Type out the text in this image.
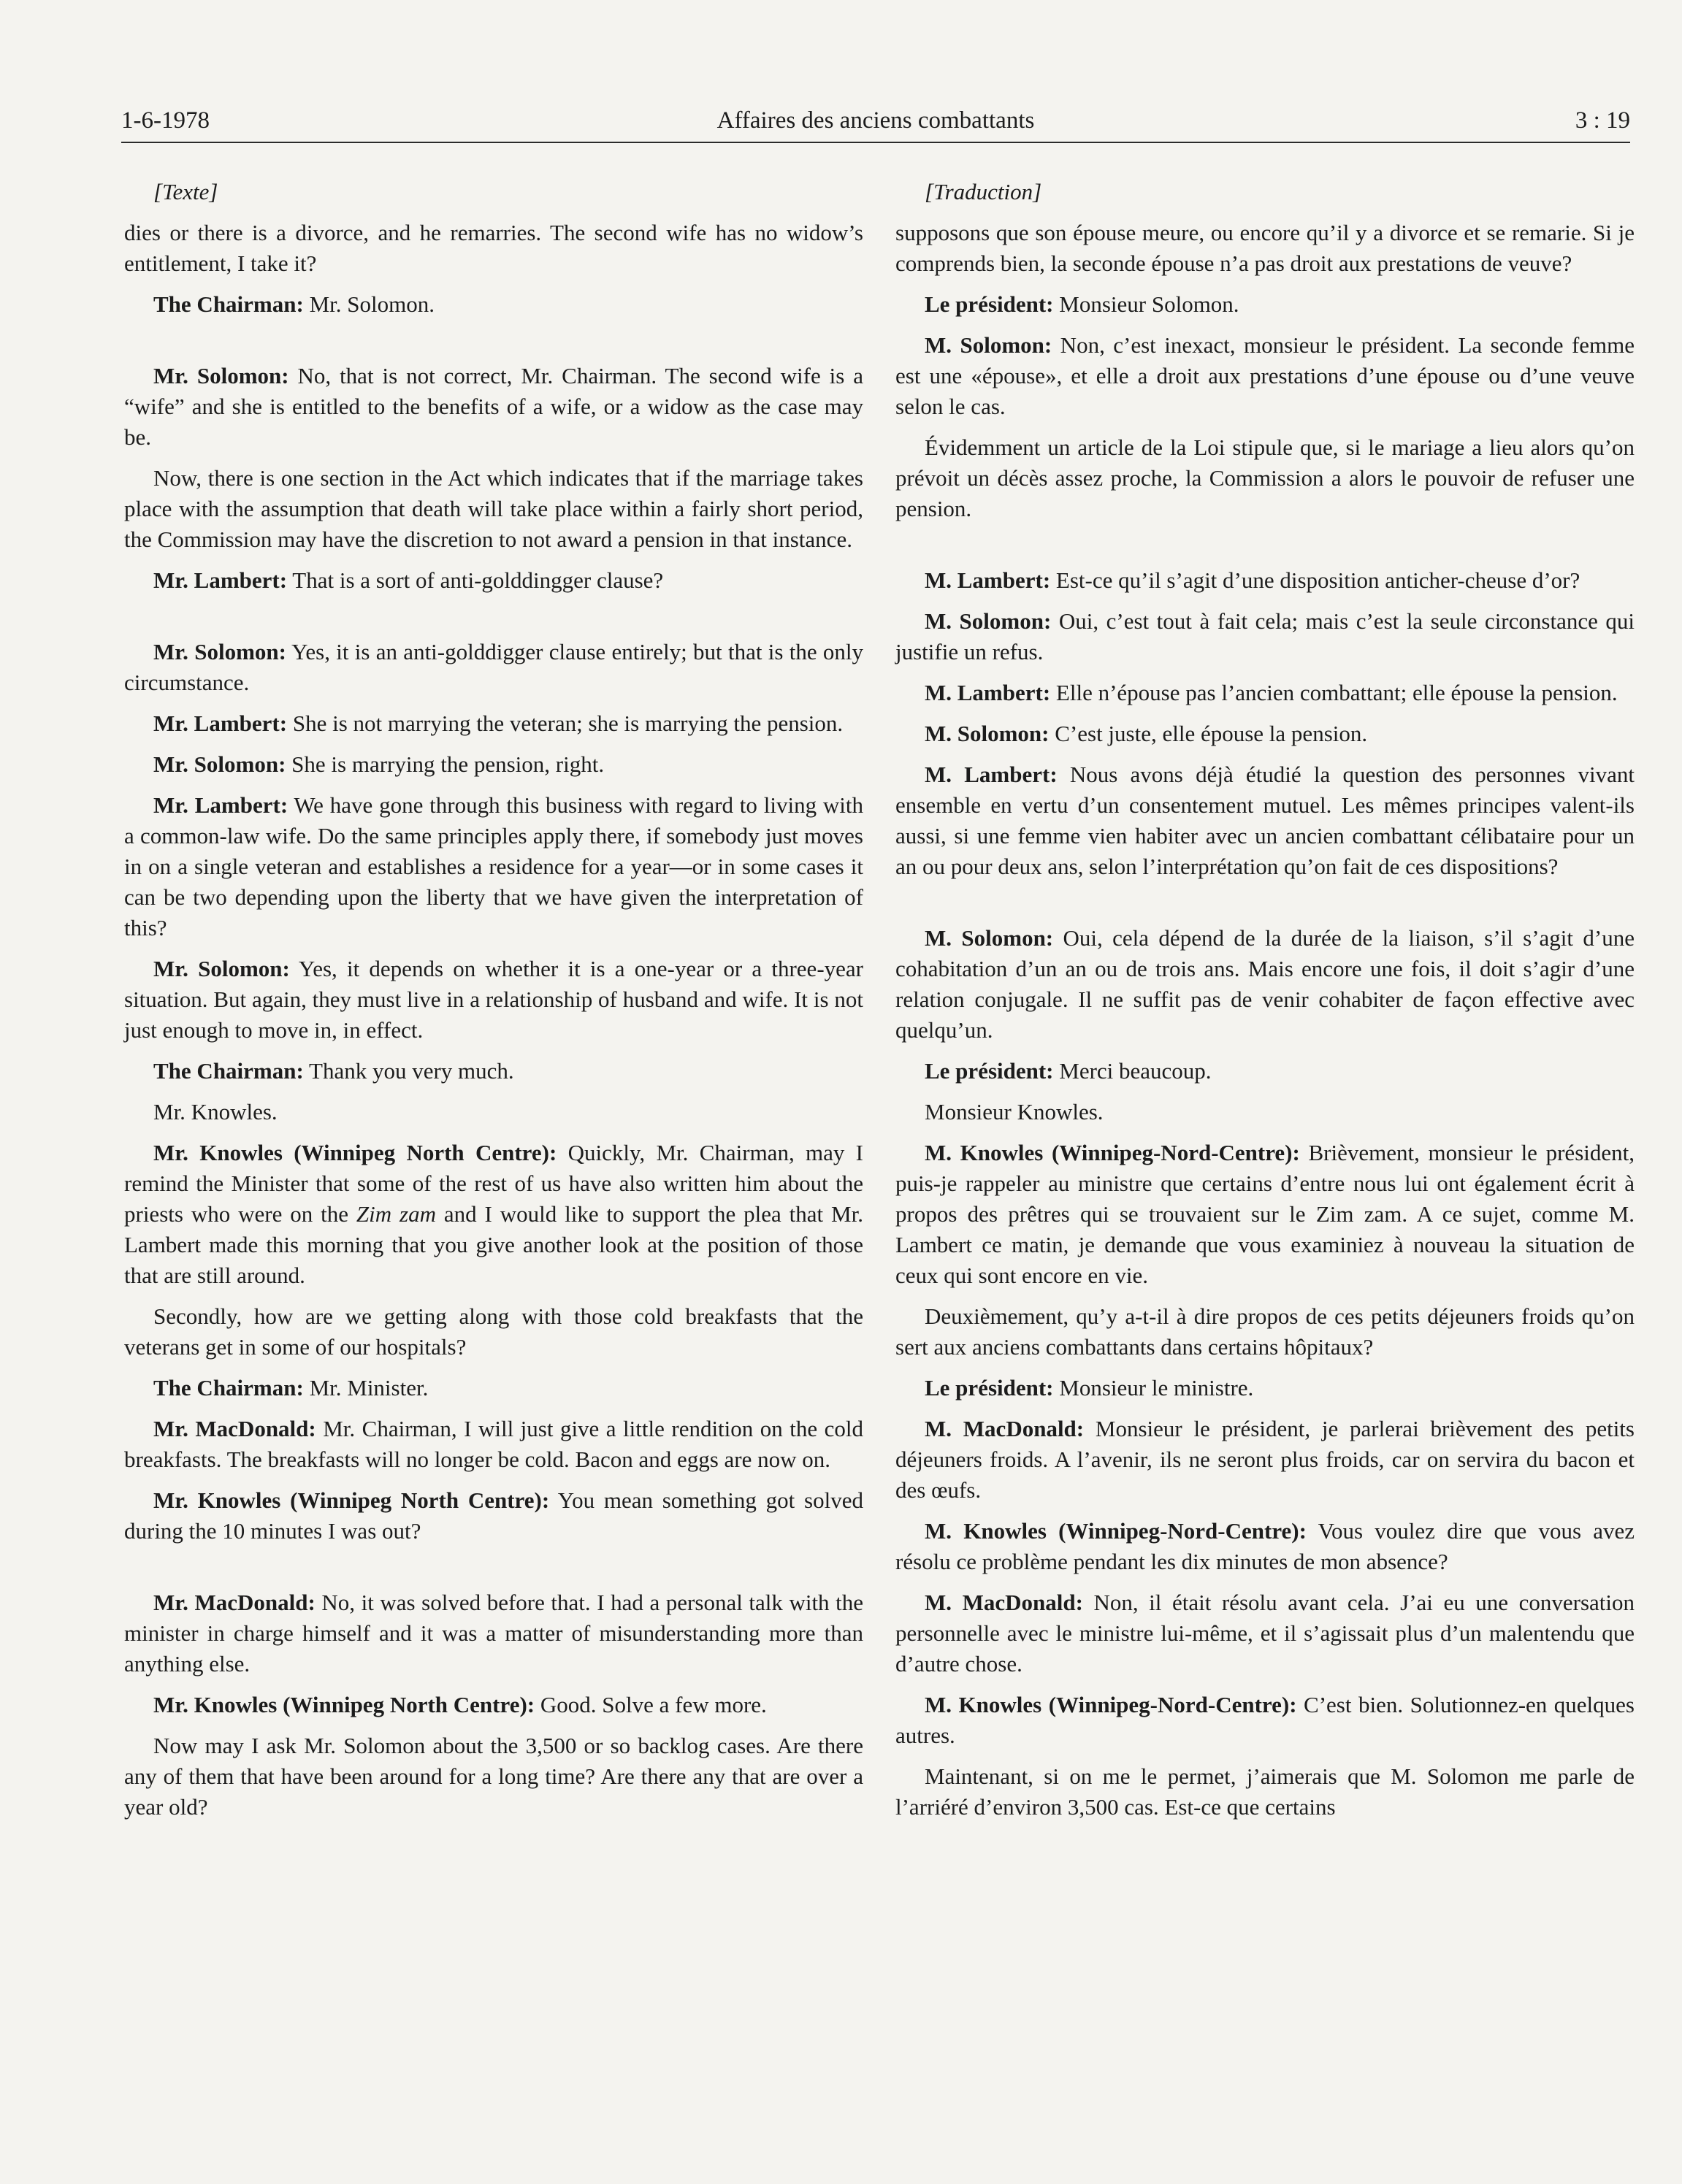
1-6-1978	Affaires des anciens combattants	3 : 19

[Texte]

dies or there is a divorce, and he remarries. The second wife has no widow’s entitlement, I take it?

The Chairman: Mr. Solomon.

Mr. Solomon: No, that is not correct, Mr. Chairman. The second wife is a “wife” and she is entitled to the benefits of a wife, or a widow as the case may be.

Now, there is one section in the Act which indicates that if the marriage takes place with the assumption that death will take place within a fairly short period, the Commission may have the discretion to not award a pension in that instance.

Mr. Lambert: That is a sort of anti-golddingger clause?

Mr. Solomon: Yes, it is an anti-golddigger clause entirely; but that is the only circumstance.

Mr. Lambert: She is not marrying the veteran; she is marrying the pension.

Mr. Solomon: She is marrying the pension, right.

Mr. Lambert: We have gone through this business with regard to living with a common-law wife. Do the same principles apply there, if somebody just moves in on a single veteran and establishes a residence for a year—or in some cases it can be two depending upon the liberty that we have given the interpretation of this?

Mr. Solomon: Yes, it depends on whether it is a one-year or a three-year situation. But again, they must live in a relationship of husband and wife. It is not just enough to move in, in effect.

The Chairman: Thank you very much.

Mr. Knowles.

Mr. Knowles (Winnipeg North Centre): Quickly, Mr. Chairman, may I remind the Minister that some of the rest of us have also written him about the priests who were on the Zim zam and I would like to support the plea that Mr. Lambert made this morning that you give another look at the position of those that are still around.

Secondly, how are we getting along with those cold breakfasts that the veterans get in some of our hospitals?

The Chairman: Mr. Minister.

Mr. MacDonald: Mr. Chairman, I will just give a little rendition on the cold breakfasts. The breakfasts will no longer be cold. Bacon and eggs are now on.

Mr. Knowles (Winnipeg North Centre): You mean something got solved during the 10 minutes I was out?

Mr. MacDonald: No, it was solved before that. I had a personal talk with the minister in charge himself and it was a matter of misunderstanding more than anything else.

Mr. Knowles (Winnipeg North Centre): Good. Solve a few more.

Now may I ask Mr. Solomon about the 3,500 or so backlog cases. Are there any of them that have been around for a long time? Are there any that are over a year old?

[Traduction]

supposons que son épouse meure, ou encore qu’il y a divorce et se remarie. Si je comprends bien, la seconde épouse n’a pas droit aux prestations de veuve?

Le président: Monsieur Solomon.

M. Solomon: Non, c’est inexact, monsieur le président. La seconde femme est une «épouse», et elle a droit aux prestations d’une épouse ou d’une veuve selon le cas.

Évidemment un article de la Loi stipule que, si le mariage a lieu alors qu’on prévoit un décès assez proche, la Commission a alors le pouvoir de refuser une pension.

M. Lambert: Est-ce qu’il s’agit d’une disposition anticher-cheuse d’or?

M. Solomon: Oui, c’est tout à fait cela; mais c’est la seule circonstance qui justifie un refus.

M. Lambert: Elle n’épouse pas l’ancien combattant; elle épouse la pension.

M. Solomon: C’est juste, elle épouse la pension.

M. Lambert: Nous avons déjà étudié la question des personnes vivant ensemble en vertu d’un consentement mutuel. Les mêmes principes valent-ils aussi, si une femme vien habiter avec un ancien combattant célibataire pour un an ou pour deux ans, selon l’interprétation qu’on fait de ces dispositions?

M. Solomon: Oui, cela dépend de la durée de la liaison, s’il s’agit d’une cohabitation d’un an ou de trois ans. Mais encore une fois, il doit s’agir d’une relation conjugale. Il ne suffit pas de venir cohabiter de façon effective avec quelqu’un.

Le président: Merci beaucoup.

Monsieur Knowles.

M. Knowles (Winnipeg-Nord-Centre): Brièvement, monsieur le président, puis-je rappeler au ministre que certains d’entre nous lui ont également écrit à propos des prêtres qui se trouvaient sur le Zim zam. A ce sujet, comme M. Lambert ce matin, je demande que vous examiniez à nouveau la situation de ceux qui sont encore en vie.

Deuxièmement, qu’y a-t-il à dire propos de ces petits déjeuners froids qu’on sert aux anciens combattants dans certains hôpitaux?

Le président: Monsieur le ministre.

M. MacDonald: Monsieur le président, je parlerai brièvement des petits déjeuners froids. A l’avenir, ils ne seront plus froids, car on servira du bacon et des œufs.

M. Knowles (Winnipeg-Nord-Centre): Vous voulez dire que vous avez résolu ce problème pendant les dix minutes de mon absence?

M. MacDonald: Non, il était résolu avant cela. J’ai eu une conversation personnelle avec le ministre lui-même, et il s’agissait plus d’un malentendu que d’autre chose.

M. Knowles (Winnipeg-Nord-Centre): C’est bien. Solutionnez-en quelques autres.

Maintenant, si on me le permet, j’aimerais que M. Solomon me parle de l’arriéré d’environ 3,500 cas. Est-ce que certains
